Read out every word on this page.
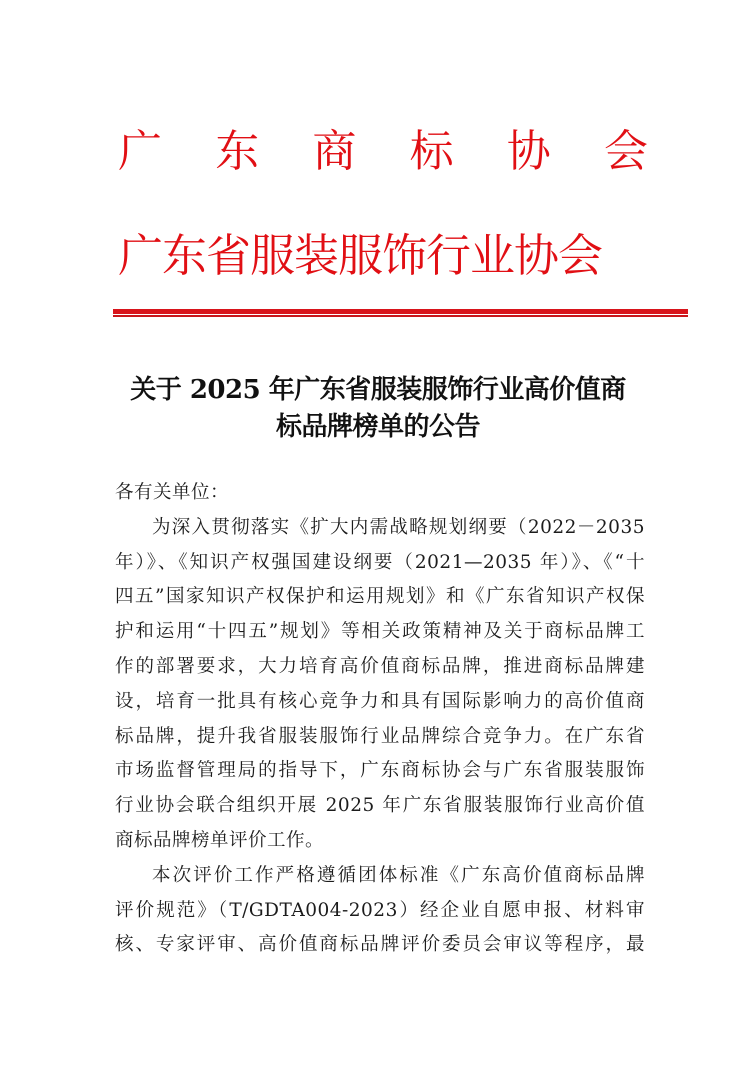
广 东 商 标 协 会
广东省服装服饰行业协会
关于 2025 年广东省服装服饰行业高价值商
标品牌榜单的公告
各有关单位：
为深入贯彻落实《扩大内需战略规划纲要（2022－2035
年）》、《知识产权强国建设纲要（2021—2035 年）》、《“十
四五”国家知识产权保护和运用规划》和《广东省知识产权保
护和运用“十四五”规划》等相关政策精神及关于商标品牌工
作的部署要求，大力培育高价值商标品牌，推进商标品牌建
设，培育一批具有核心竞争力和具有国际影响力的高价值商
标品牌，提升我省服装服饰行业品牌综合竞争力。在广东省
市场监督管理局的指导下，广东商标协会与广东省服装服饰
行业协会联合组织开展 2025 年广东省服装服饰行业高价值
商标品牌榜单评价工作。
本次评价工作严格遵循团体标准《广东高价值商标品牌
评价规范》（T/GDTA004-2023）经企业自愿申报、材料审
核、专家评审、高价值商标品牌评价委员会审议等程序，最
